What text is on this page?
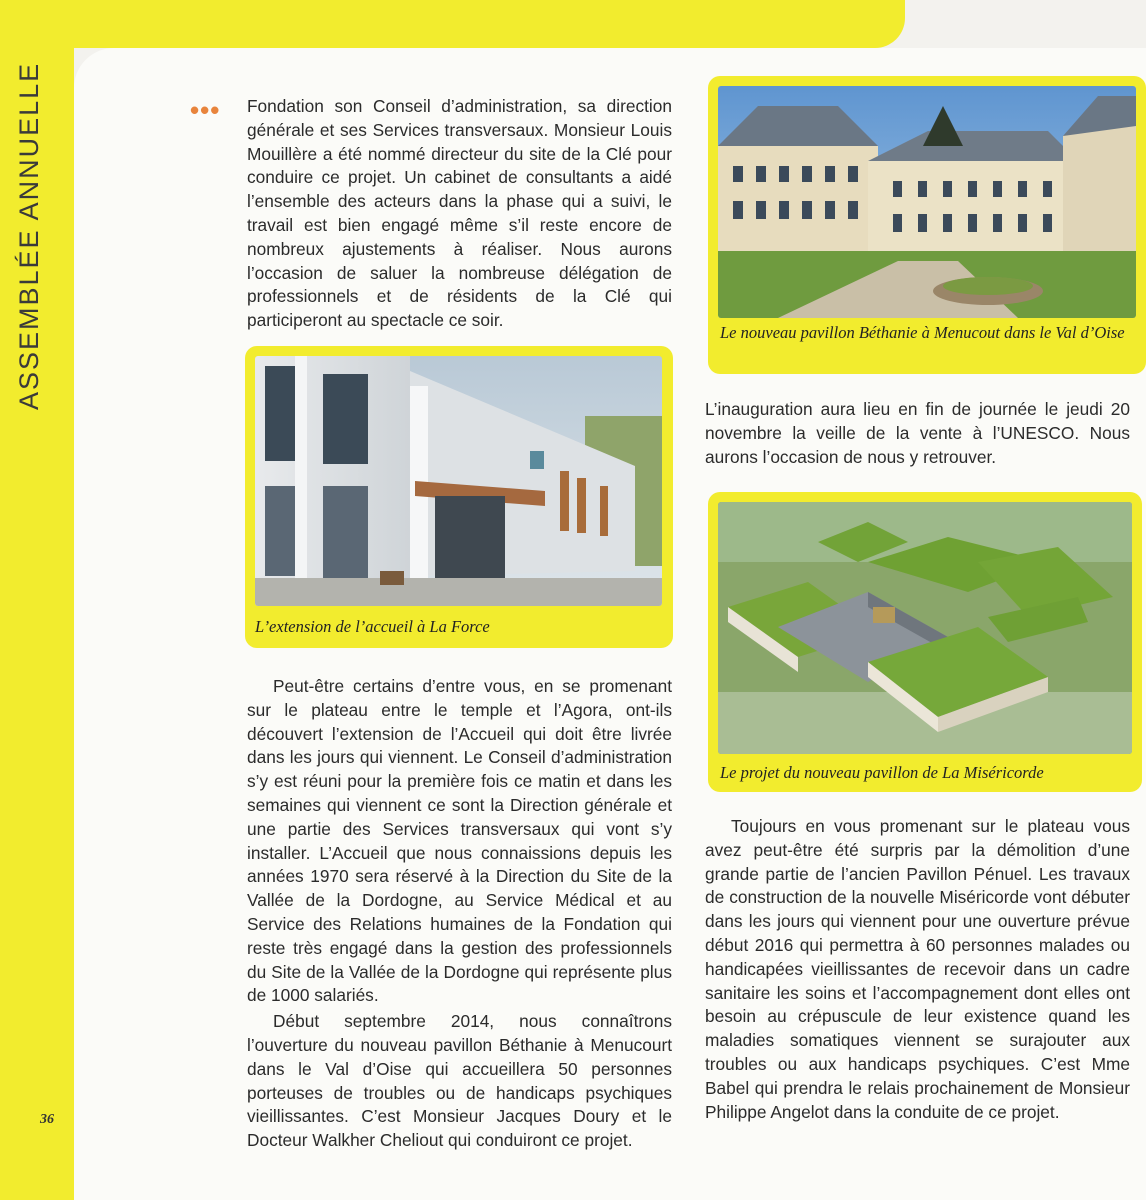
ASSEMBLÉE ANNUELLE
36
••• Fondation son Conseil d’administration, sa direction générale et ses Services transversaux. Monsieur Louis Mouillère a été nommé directeur du site de la Clé pour conduire ce projet. Un cabinet de consultants a aidé l’ensemble des acteurs dans la phase qui a suivi, le travail est bien engagé même s’il reste encore de nombreux ajustements à réaliser. Nous aurons l’occasion de saluer la nombreuse délégation de professionnels et de résidents de la Clé qui participeront au spectacle ce soir.

L’extension de l’accueil à La Force

Peut-être certains d’entre vous, en se promenant sur le plateau entre le temple et l’Agora, ont-ils découvert l’extension de l’Accueil qui doit être livrée dans les jours qui viennent. Le Conseil d’administration s’y est réuni pour la première fois ce matin et dans les semaines qui viennent ce sont la Direction générale et une partie des Services transversaux qui vont s’y installer. L’Accueil que nous connaissions depuis les années 1970 sera réservé à la Direction du Site de la Vallée de la Dordogne, au Service Médical et au Service des Relations humaines de la Fondation qui reste très engagé dans la gestion des professionnels du Site de la Vallée de la Dordogne qui représente plus de 1000 salariés.

Début septembre 2014, nous connaîtrons l’ouverture du nouveau pavillon Béthanie à Menucourt dans le Val d’Oise qui accueillera 50 personnes porteuses de troubles ou de handicaps psychiques vieillissantes. C’est Monsieur Jacques Doury et le Docteur Walkher Cheliout qui conduiront ce projet.

Le nouveau pavillon Béthanie à Menucout dans le Val d’Oise

L’inauguration aura lieu en fin de journée le jeudi 20 novembre la veille de la vente à l’UNESCO. Nous aurons l’occasion de nous y retrouver.

Le projet du nouveau pavillon de La Miséricorde

Toujours en vous promenant sur le plateau vous avez peut-être été surpris par la démolition d’une grande partie de l’ancien Pavillon Pénuel. Les travaux de construction de la nouvelle Miséricorde vont débuter dans les jours qui viennent pour une ouverture prévue début 2016 qui permettra à 60 personnes malades ou handicapées vieillissantes de recevoir dans un cadre sanitaire les soins et l’accompagnement dont elles ont besoin au crépuscule de leur existence quand les maladies somatiques viennent se surajouter aux troubles ou aux handicaps psychiques. C’est Mme Babel qui prendra le relais prochainement de Monsieur Philippe Angelot dans la conduite de ce projet.
